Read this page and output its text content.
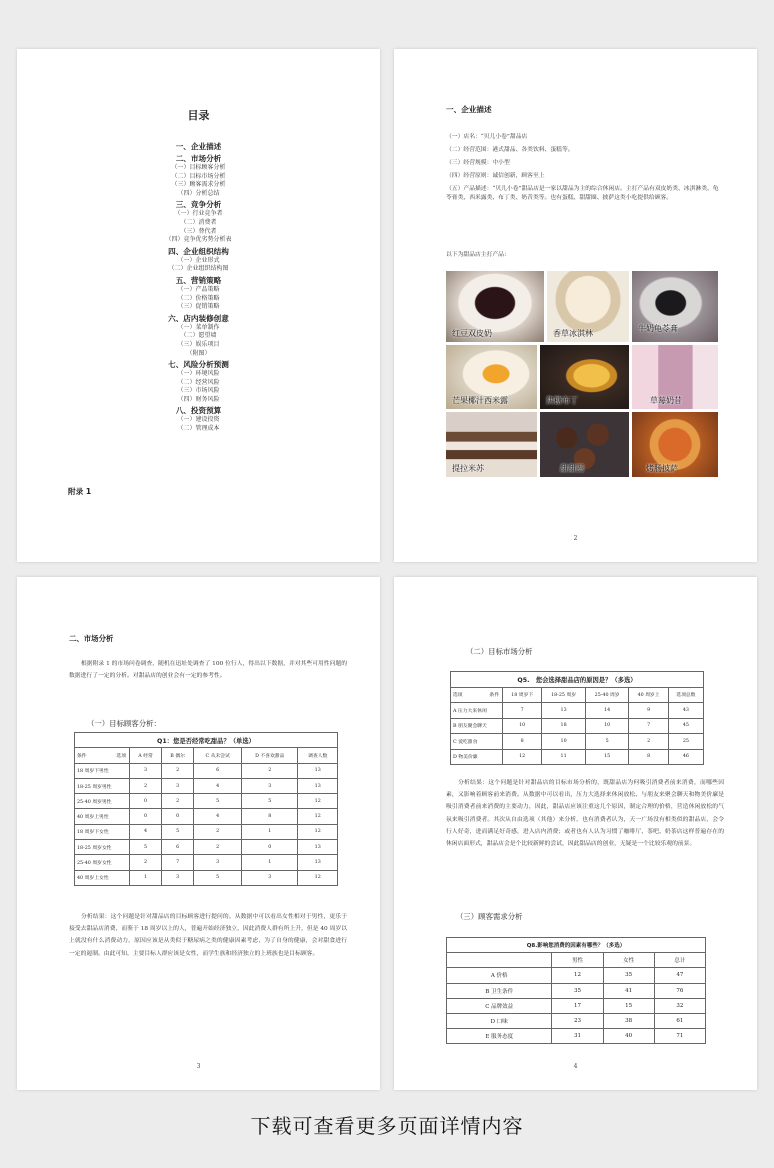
目录
一、企业描述
二、市场分析
（一）目标顾客分析
（二）目标市场分析
（三）顾客需求分析
（四）分析总结
三、竞争分析
（一）行业竞争者
（二）消费者
（三）替代者
（四）竞争优劣势分析表
四、企业组织结构
（一）企业形式
（二）企业组织结构图
五、营销策略
（一）产品策略
（二）价格策略
（三）促销策略
六、店内装修创意
（一）菜单制作
（二）愿望墙
（三）娱乐项目
（附图）
七、风险分析预测
（一）环境风险
（二）经营风险
（三）市场风险
（四）财务风险
八、投资预算
（一）建设投资
（二）管理成本
附录 1
一、企业描述
（一）店名：“贝儿小卷”甜品店
（二）经营范围：港式甜品、各类饮料、蛋糕等。
（三）经营规模：中小型
（四）经营原则：诚信创新，顾客至上
（五）产品描述：“贝儿小卷”甜品店是一家以甜品为主的综合休闲店。主打产品有双皮奶类、冰淇淋类、龟苓膏类、西米露类、布丁类、奶昔类等。也有蛋糕、甜甜圈、披萨这类小吃提供给顾客。
以下为甜品店主打产品：
红豆双皮奶	香草冰淇林
牛奶龟苓膏
芒果椰汁西米露	焦糖布丁	草莓奶昔
提拉米苏	甜甜圈	烤肠披萨
2
二、市场分析
根据附录 1 的市场问卷调查，随机在迅址处调查了 100 位行人，得出以下数据，并对其些可用性问题的数据进行了一定的分析。对甜品店的创业会有一定的参考性。
（一）目标顾客分析：
Q1：您是否经常吃甜品？（单选）					
条件 选项	A 经常	B 偶尔	C 从未尝试	D 不喜欢甜品	调查人数
18 周岁下男性	3	2	6	2	13
18-25 周岁男性	2	3	4	3	13
25-40 周岁男性	0	2	5	5	12
40 周岁上男性	0	0	4	8	12
18 周岁下女性	4	5	2	1	12
18-25 周岁女性	5	6	2	0	13
25-40 周岁女性	2	7	3	1	13
40 周岁上女性	1	3	5	3	12
分析结果：这个问题是针对甜品店的目标顾客进行提问的。从数据中可以看出女性相对于男性，更乐于接受去甜品店消费，而鉴于 18 周岁以上的人，普遍开始经济独立，因此消费人群有所上升，但是 40 周岁以上就没有什么消费动力，原因应该是从类似于糖尿病之类的健康因素考虑，为了自身的健康，会对甜食进行一定的遏制。由此可知，主要目标人群应该是女性，而学生族和经济独立的上班族也是目标顾客。
3
（二）目标市场分析
Q5.　您会选择甜品店的原因是？（多选）					
选项 条件	18 周岁下	18-25 周岁	25-40 周岁	40 周岁上	选项总数
A 压力大来休闲	7	13	14	9	43
B 朋友聚会聊天	10	18	10	7	45
C 爱吃甜食	8	10	5	2	25
D 物美价廉	12	11	15	8	46
分析结果：这个问题是针对甜品店的目标市场分析的，既甜品店为何吸引消费者前来消费，而哪些因素，又影响着顾客前来消费。从数据中可以看出，压力大选择来休闲放松、与朋友来聚会聊天和物美价廉是吸引消费者前来消费的主要动力，因此，甜品店应该注重这几个原因，制定合理的价格，营造休闲放松的气氛来吸引消费者。其次从自由选项（其他）来分析，也有消费者认为，天一广场没有相类似的甜品店，会令行人好奇，进而满足好奇感，进入店内消费；或者也有人认为习惯了咖啡厅、茶吧、奶茶店这样普遍存在的休闲店面形式，甜品店会是个比较新鲜的尝试，因此甜品店的创业，无疑是一个比较乐观的前景。
（三）顾客需求分析
Q8.影响您消费的因素有哪些？（多选）			
	男性	女性	总计
A 价格	12	35	47
B 卫生条件	35	41	76
C 品牌效益	17	15	32
D 口味	23	38	61
E 服务态度	31	40	71
4
下载可查看更多页面详情内容
